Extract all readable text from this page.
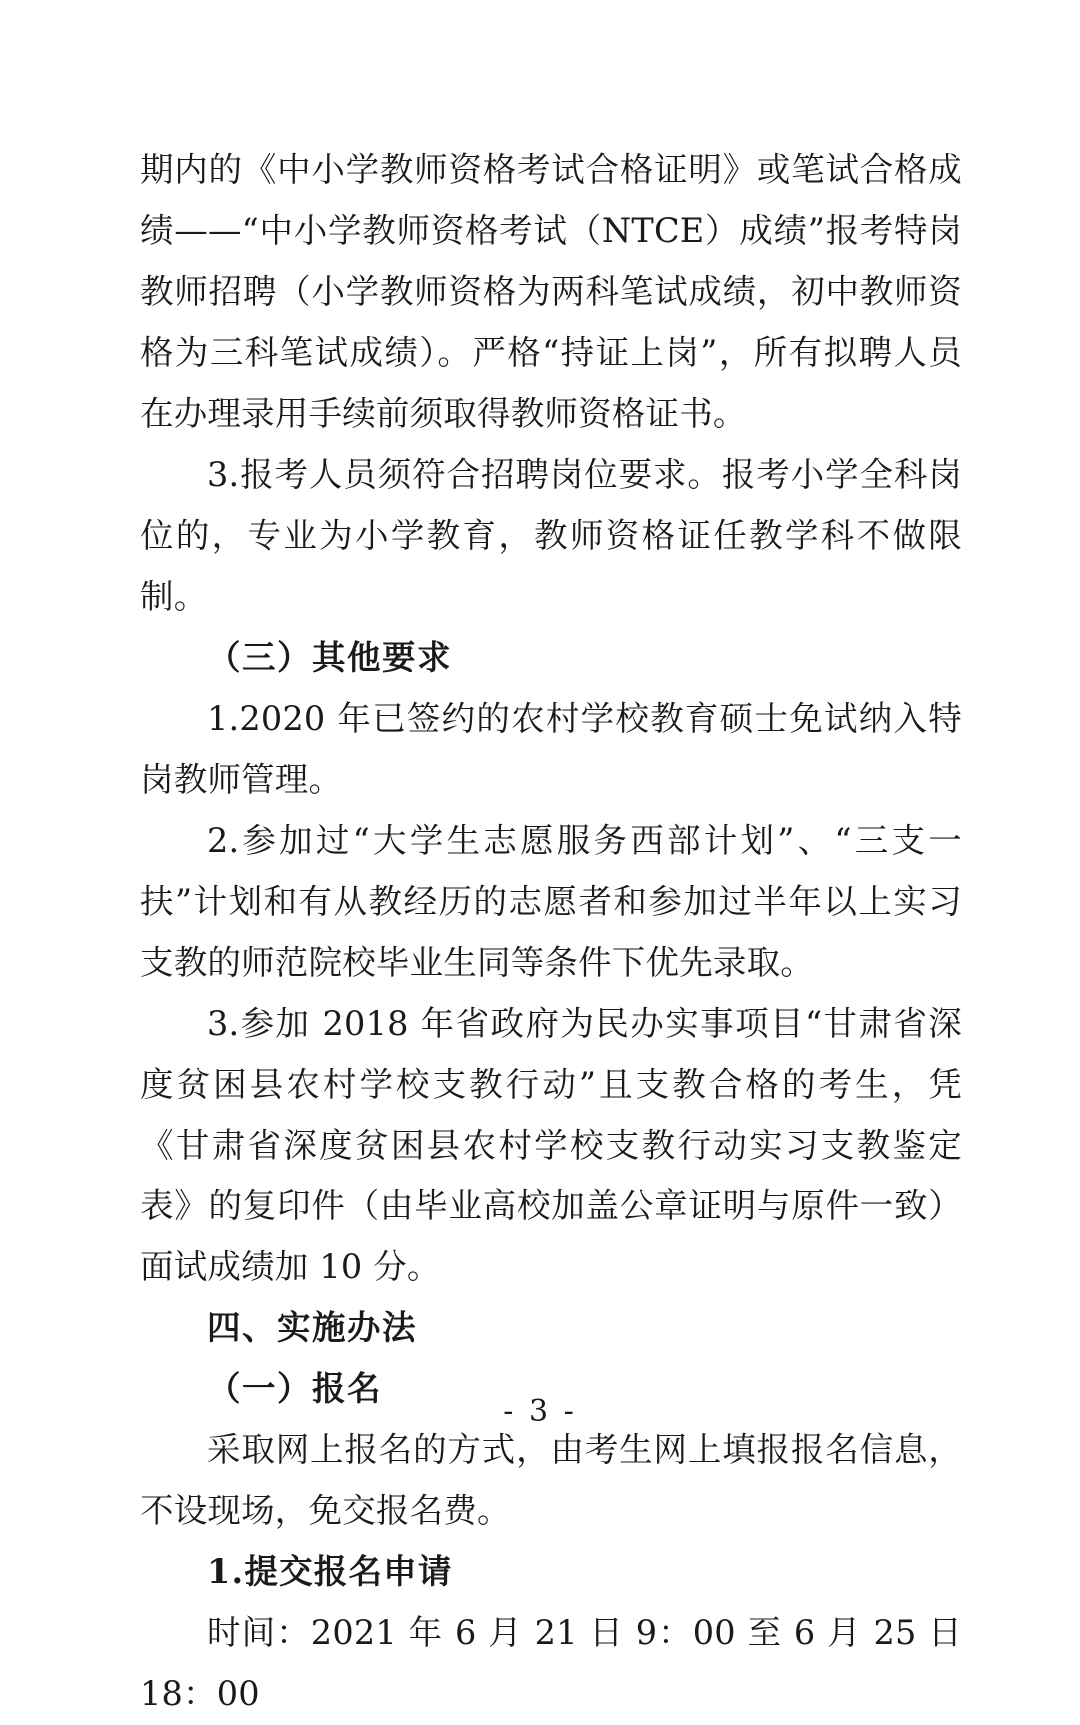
期内的《中小学教师资格考试合格证明》或笔试合格成绩——“中小学教师资格考试（NTCE）成绩”报考特岗教师招聘（小学教师资格为两科笔试成绩，初中教师资格为三科笔试成绩）。严格“持证上岗”，所有拟聘人员在办理录用手续前须取得教师资格证书。

3.报考人员须符合招聘岗位要求。报考小学全科岗位的，专业为小学教育，教师资格证任教学科不做限制。

（三）其他要求

1.2020 年已签约的农村学校教育硕士免试纳入特岗教师管理。

2.参加过“大学生志愿服务西部计划”、“三支一扶”计划和有从教经历的志愿者和参加过半年以上实习支教的师范院校毕业生同等条件下优先录取。

3.参加 2018 年省政府为民办实事项目“甘肃省深度贫困县农村学校支教行动”且支教合格的考生，凭《甘肃省深度贫困县农村学校支教行动实习支教鉴定表》的复印件（由毕业高校加盖公章证明与原件一致）面试成绩加 10 分。

四、实施办法

（一）报名

采取网上报名的方式，由考生网上填报报名信息，不设现场，免交报名费。

1.提交报名申请

时间：2021 年 6 月 21 日 9：00 至 6 月 25 日 18：00

- 3 -
